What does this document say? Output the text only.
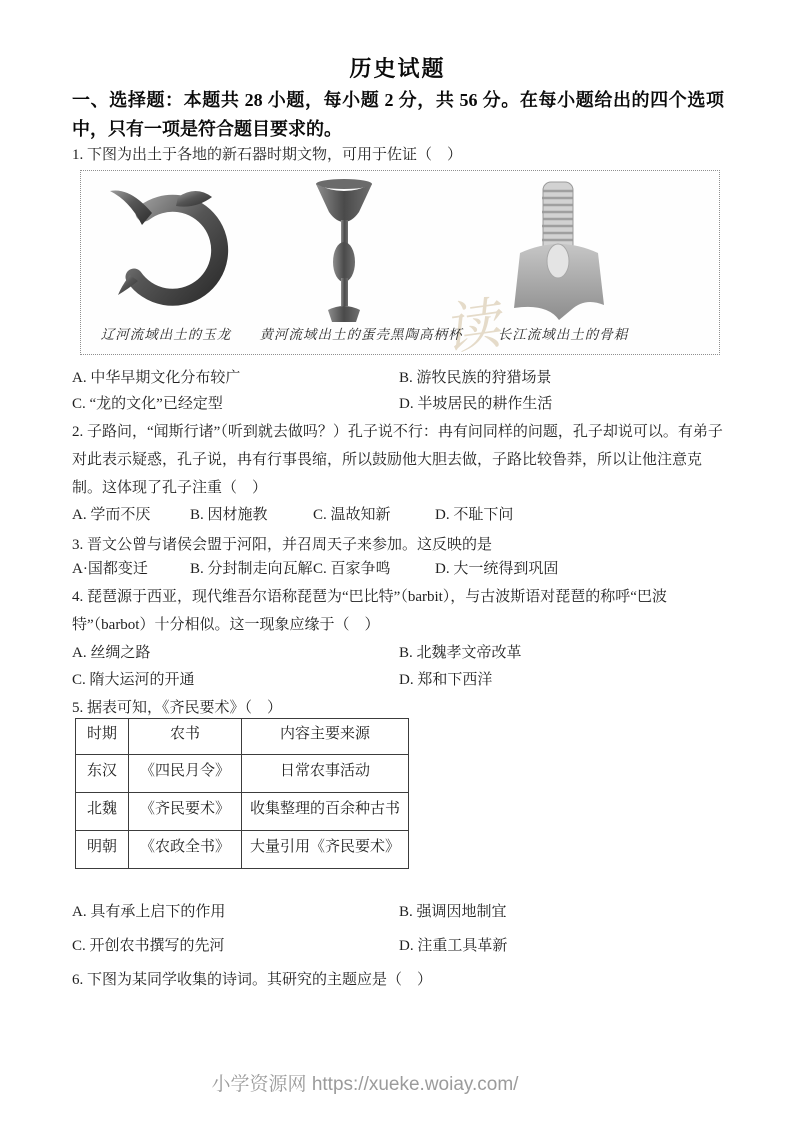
历史试题
一、选择题：本题共 28 小题，每小题 2 分，共 56 分。在每小题给出的四个选项中，只有一项是符合题目要求的。
1. 下图为出土于各地的新石器时期文物，可用于佐证（　）
读
辽河流域出土的玉龙 黄河流域出土的蛋壳黑陶高柄杯	长江流域出土的骨耜
A. 中华早期文化分布较广	B. 游牧民族的狩猎场景
C. “龙的文化”已经定型	D. 半坡居民的耕作生活
2. 子路问，“闻斯行诸”（听到就去做吗？）孔子说不行：冉有问同样的问题，孔子却说可以。有弟子对此表示疑惑，孔子说，冉有行事畏缩，所以鼓励他大胆去做，子路比较鲁莽，所以让他注意克制。这体现了孔子注重（　）
A. 学而不厌	B. 因材施教	C. 温故知新	D. 不耻下问
3. 晋文公曾与诸侯会盟于河阳，并召周天子来参加。这反映的是
A·国都变迁	B. 分封制走向瓦解 C. 百家争鸣	D. 大一统得到巩固
4. 琵琶源于西亚，现代维吾尔语称琵琶为“巴比特”（barbit），与古波斯语对琵琶的称呼“巴波特”（barbot）十分相似。这一现象应缘于（　）
A. 丝绸之路	B. 北魏孝文帝改革
C. 隋大运河的开通	D. 郑和下西洋
5. 据表可知，《齐民要术》（　）
时期	农书	内容主要来源
东汉	《四民月令》	日常农事活动
北魏	《齐民要术》	收集整理的百余种古书
明朝	《农政全书》	大量引用《齐民要术》
A. 具有承上启下的作用	B. 强调因地制宜
C. 开创农书撰写的先河	D. 注重工具革新
6. 下图为某同学收集的诗词。其研究的主题应是（　）
小学资源网 https://xueke.woiay.com/
